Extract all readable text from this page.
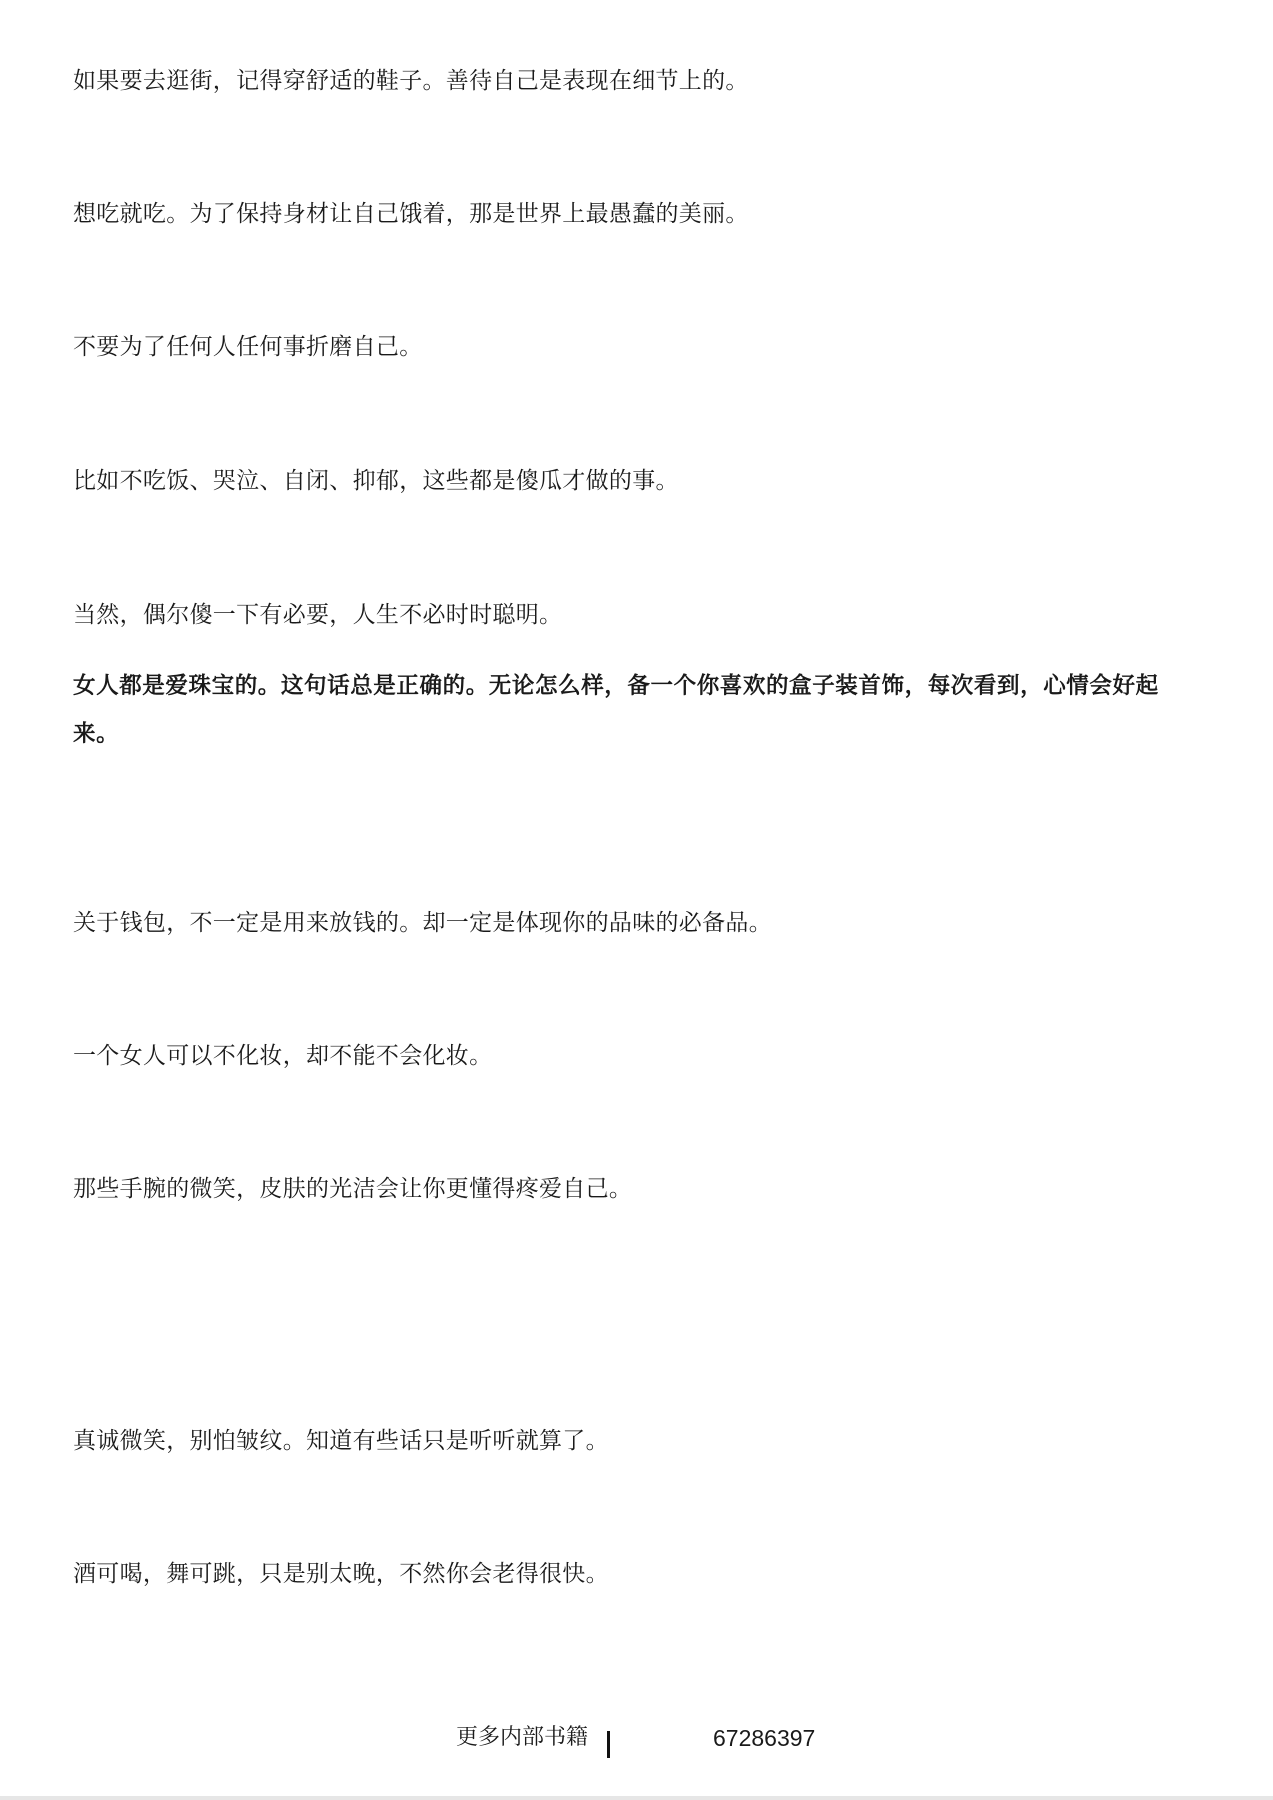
如果要去逛街，记得穿舒适的鞋子。善待自己是表现在细节上的。

想吃就吃。为了保持身材让自己饿着，那是世界上最愚蠢的美丽。

不要为了任何人任何事折磨自己。

比如不吃饭、哭泣、自闭、抑郁，这些都是傻瓜才做的事。

当然，偶尔傻一下有必要，人生不必时时聪明。

女人都是爱珠宝的。这句话总是正确的。无论怎么样，备一个你喜欢的盒子装首饰，每次看到，心情会好起来。

关于钱包，不一定是用来放钱的。却一定是体现你的品味的必备品。

一个女人可以不化妆，却不能不会化妆。

那些手腕的微笑，皮肤的光洁会让你更懂得疼爱自己。

真诚微笑，别怕皱纹。知道有些话只是听听就算了。

酒可喝，舞可跳，只是别太晚，不然你会老得很快。

更多内部书籍	67286397
